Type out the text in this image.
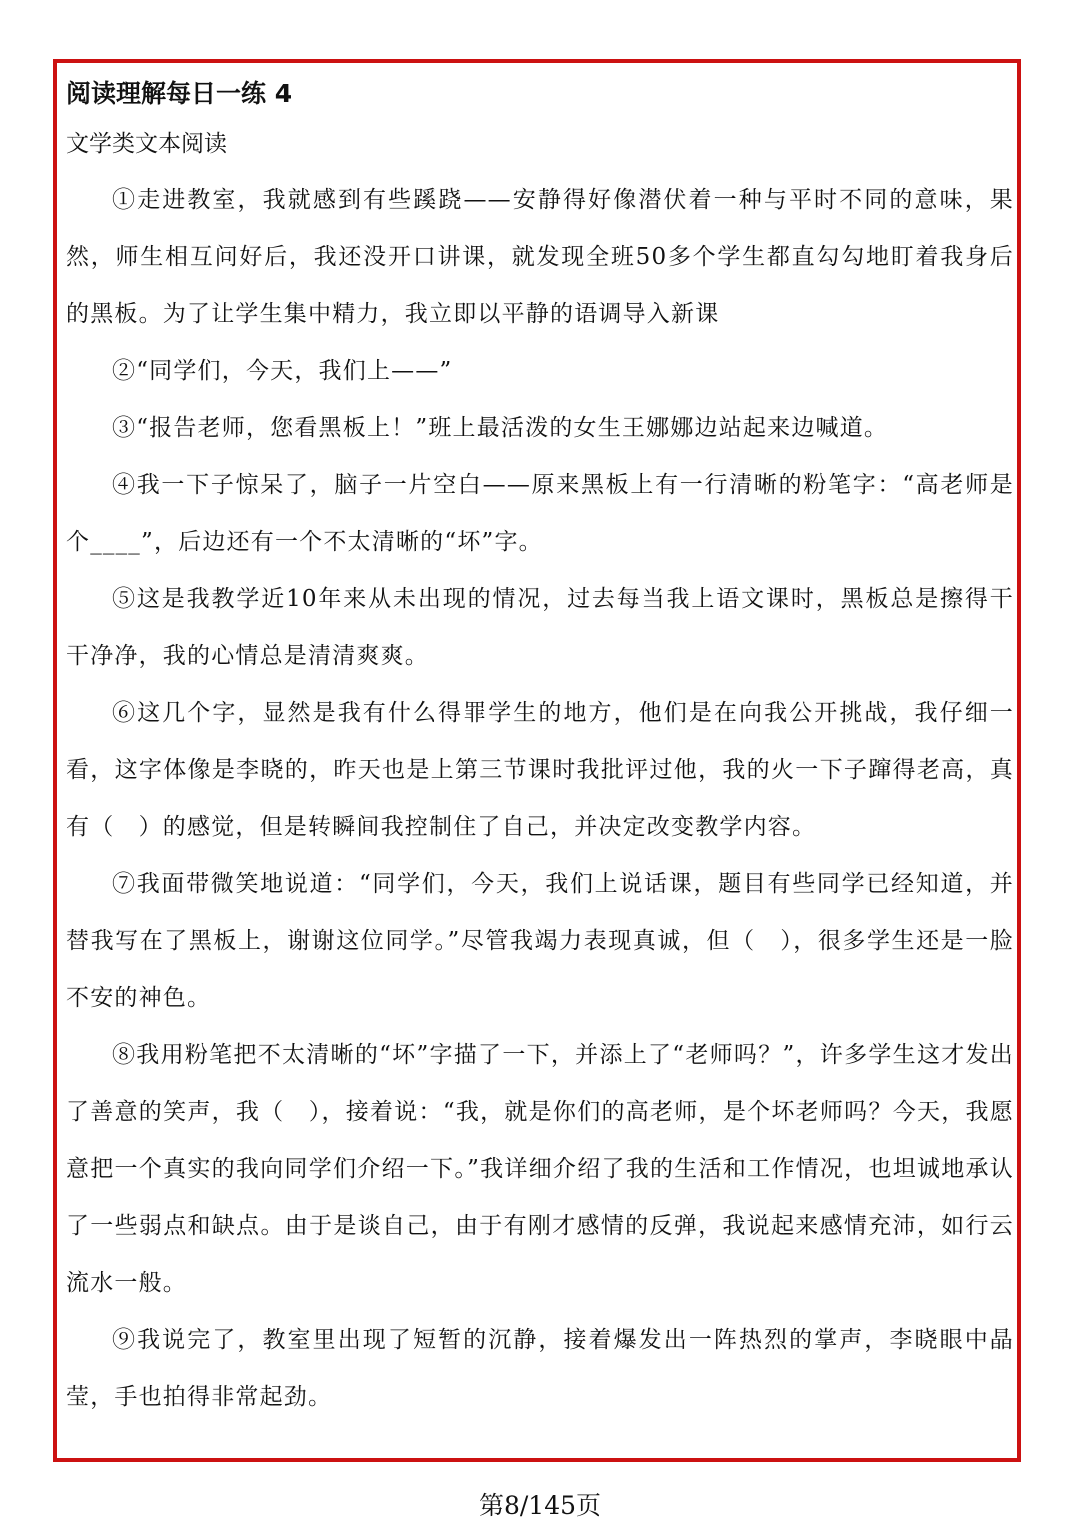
阅读理解每日一练 4

文学类文本阅读

①走进教室，我就感到有些蹊跷——安静得好像潜伏着一种与平时不同的意味，果然，师生相互问好后，我还没开口讲课，就发现全班50多个学生都直勾勾地盯着我身后的黑板。为了让学生集中精力，我立即以平静的语调导入新课

②“同学们，今天，我们上——”

③“报告老师，您看黑板上！”班上最活泼的女生王娜娜边站起来边喊道。

④我一下子惊呆了，脑子一片空白——原来黑板上有一行清晰的粉笔字：“高老师是个____”，后边还有一个不太清晰的“坏”字。

⑤这是我教学近10年来从未出现的情况，过去每当我上语文课时，黑板总是擦得干干净净，我的心情总是清清爽爽。

⑥这几个字，显然是我有什么得罪学生的地方，他们是在向我公开挑战，我仔细一看，这字体像是李晓的，昨天也是上第三节课时我批评过他，我的火一下子蹿得老高，真有（　）的感觉，但是转瞬间我控制住了自己，并决定改变教学内容。

⑦我面带微笑地说道：“同学们，今天，我们上说话课，题目有些同学已经知道，并替我写在了黑板上，谢谢这位同学。”尽管我竭力表现真诚，但（　），很多学生还是一脸不安的神色。

⑧我用粉笔把不太清晰的“坏”字描了一下，并添上了“老师吗？”，许多学生这才发出了善意的笑声，我（　），接着说：“我，就是你们的高老师，是个坏老师吗？今天，我愿意把一个真实的我向同学们介绍一下。”我详细介绍了我的生活和工作情况，也坦诚地承认了一些弱点和缺点。由于是谈自己，由于有刚才感情的反弹，我说起来感情充沛，如行云流水一般。

⑨我说完了，教室里出现了短暂的沉静，接着爆发出一阵热烈的掌声，李晓眼中晶莹，手也拍得非常起劲。

第8/145页
